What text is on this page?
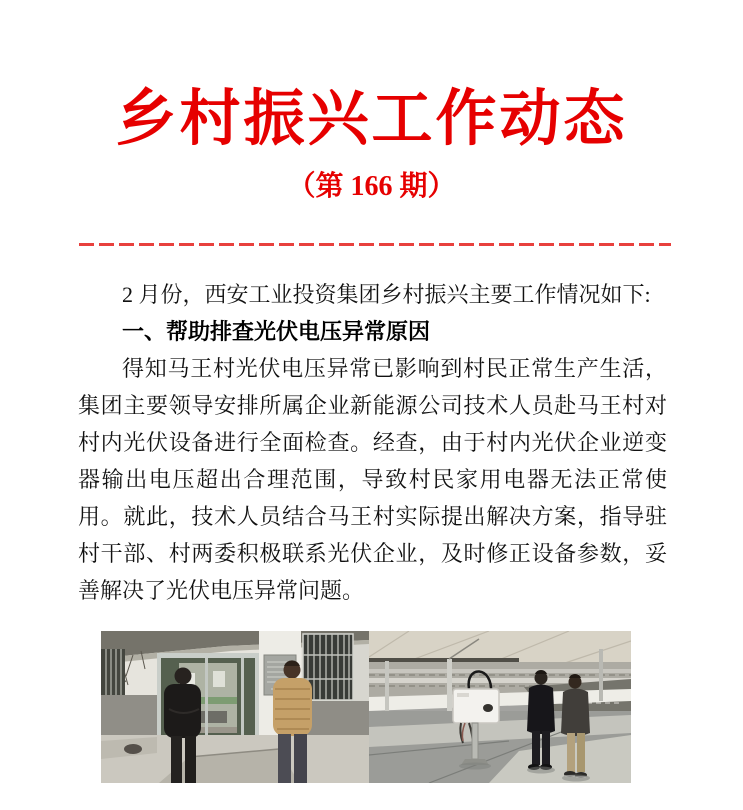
乡村振兴工作动态
（第 166 期）

2 月份，西安工业投资集团乡村振兴主要工作情况如下:

一、帮助排查光伏电压异常原因

得知马王村光伏电压异常已影响到村民正常生产生活，集团主要领导安排所属企业新能源公司技术人员赴马王村对村内光伏设备进行全面检查。经查，由于村内光伏企业逆变器输出电压超出合理范围，导致村民家用电器无法正常使用。就此，技术人员结合马王村实际提出解决方案，指导驻村干部、村两委积极联系光伏企业，及时修正设备参数，妥善解决了光伏电压异常问题。
